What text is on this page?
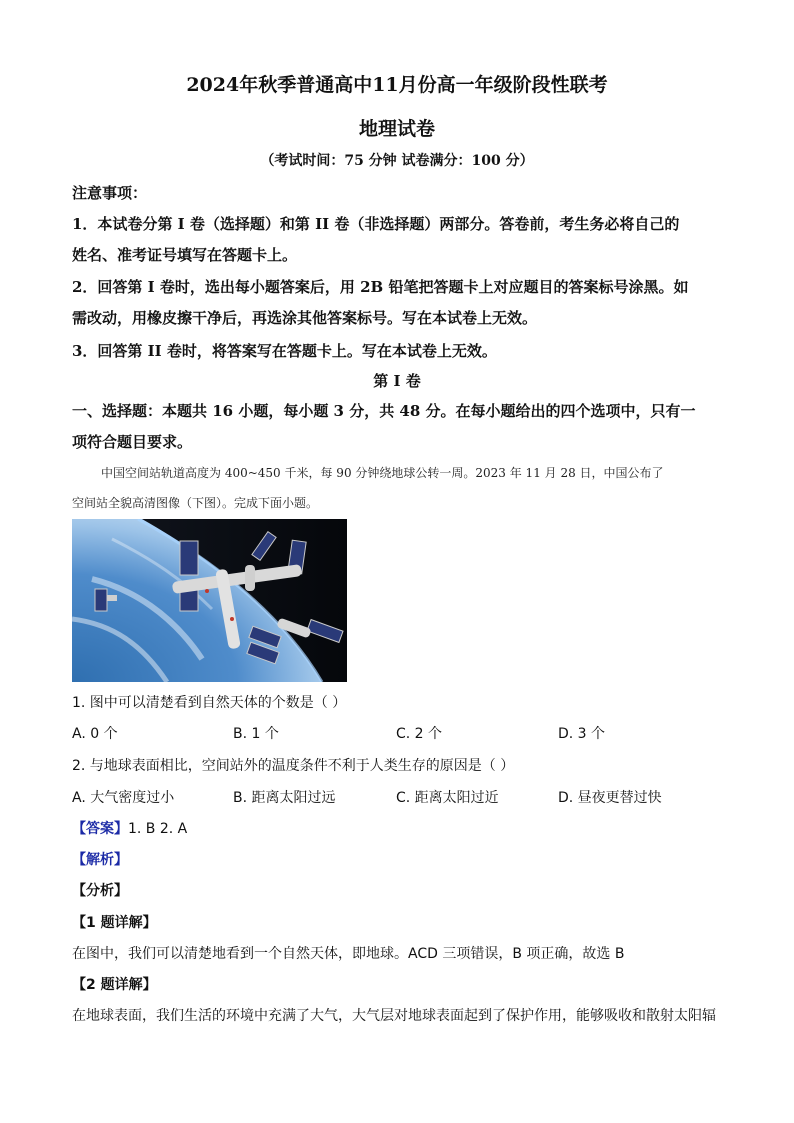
2024年秋季普通高中11月份高一年级阶段性联考
地理试卷
（考试时间：75 分钟 试卷满分：100 分）
注意事项：
1．本试卷分第 I 卷（选择题）和第 II 卷（非选择题）两部分。答卷前，考生务必将自己的
姓名、准考证号填写在答题卡上。
2．回答第 I 卷时，选出每小题答案后，用 2B 铅笔把答题卡上对应题目的答案标号涂黑。如
需改动，用橡皮擦干净后，再选涂其他答案标号。写在本试卷上无效。
3．回答第 II 卷时，将答案写在答题卡上。写在本试卷上无效。
第 I 卷
一、选择题：本题共 16 小题，每小题 3 分，共 48 分。在每小题给出的四个选项中，只有一
项符合题目要求。
中国空间站轨道高度为 400~450 千米，每 90 分钟绕地球公转一周。2023 年 11 月 28 日，中国公布了
空间站全貌高清图像（下图）。完成下面小题。
1. 图中可以清楚看到自然天体的个数是（ ）
A. 0 个	B. 1 个	C. 2 个	D. 3 个
2. 与地球表面相比，空间站外的温度条件不利于人类生存的原因是（ ）
A. 大气密度过小	B. 距离太阳过远	C. 距离太阳过近	D. 昼夜更替过快
【答案】1. B 2. A
【解析】
【分析】
【1 题详解】
在图中，我们可以清楚地看到一个自然天体，即地球。ACD 三项错误，B 项正确，故选 B
【2 题详解】
在地球表面，我们生活的环境中充满了大气，大气层对地球表面起到了保护作用，能够吸收和散射太阳辐
